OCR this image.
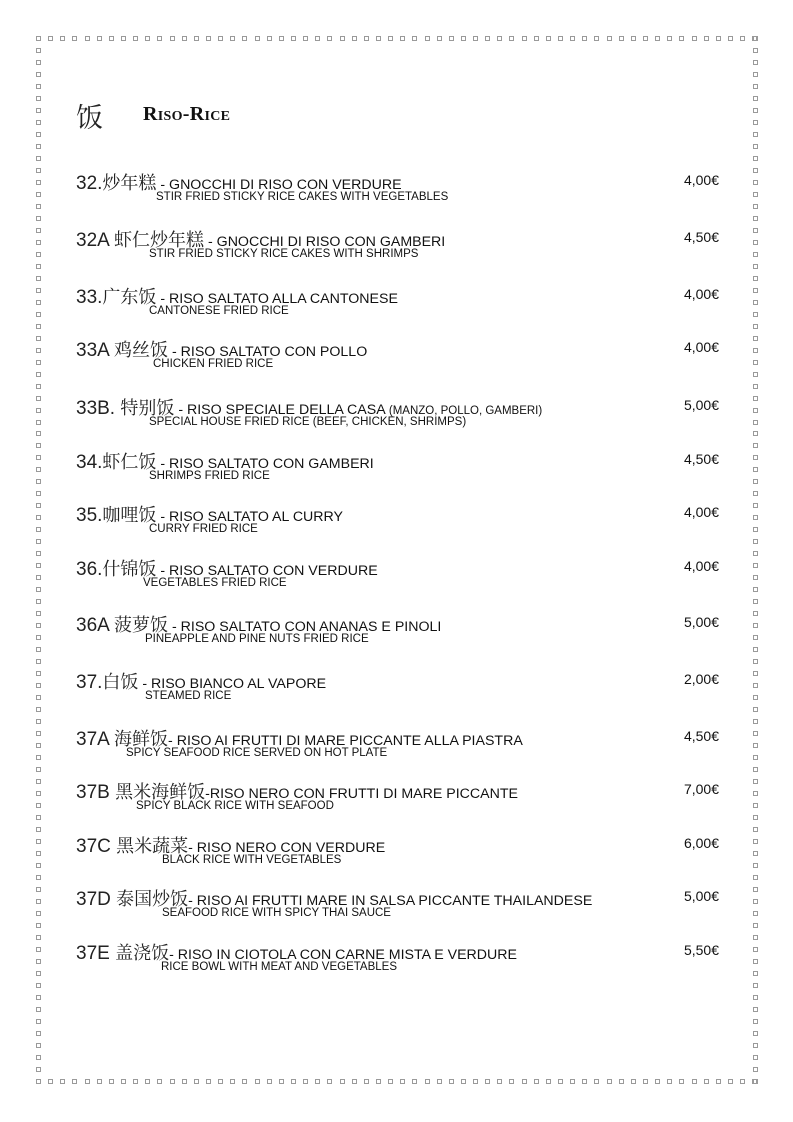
饭 Riso-Rice
32.炒年糕 - GNOCCHI DI RISO CON VERDURE	4,00€
STIR FRIED STICKY RICE CAKES WITH VEGETABLES
32A 虾仁炒年糕 - GNOCCHI DI RISO CON GAMBERI	4,50€
STIR FRIED STICKY RICE CAKES WITH SHRIMPS
33.广东饭 - RISO SALTATO ALLA CANTONESE	4,00€
CANTONESE FRIED RICE
33A 鸡丝饭 - RISO SALTATO CON POLLO	4,00€
CHICKEN FRIED RICE
33B. 特别饭 - RISO SPECIALE DELLA CASA (MANZO, POLLO, GAMBERI)	5,00€
SPECIAL HOUSE FRIED RICE (BEEF, CHICKEN, SHRIMPS)
34.虾仁饭 - RISO SALTATO CON GAMBERI	4,50€
SHRIMPS FRIED RICE
35.咖哩饭 - RISO SALTATO AL CURRY	4,00€
CURRY FRIED RICE
36.什锦饭 - RISO SALTATO CON VERDURE	4,00€
VEGETABLES FRIED RICE
36A 菠萝饭 - RISO SALTATO CON ANANAS E PINOLI	5,00€
PINEAPPLE AND PINE NUTS FRIED RICE
37.白饭 - RISO BIANCO AL VAPORE	2,00€
STEAMED RICE
37A 海鲜饭- RISO AI FRUTTI DI MARE PICCANTE ALLA PIASTRA	4,50€
SPICY SEAFOOD RICE SERVED ON HOT PLATE
37B 黑米海鲜饭-RISO NERO CON FRUTTI DI MARE PICCANTE	7,00€
SPICY BLACK RICE WITH SEAFOOD
37C 黑米蔬菜- RISO NERO CON VERDURE	6,00€
BLACK RICE WITH VEGETABLES
37D 泰国炒饭- RISO AI FRUTTI MARE IN SALSA PICCANTE THAILANDESE	5,00€
SEAFOOD RICE WITH SPICY THAI SAUCE
37E 盖浇饭- RISO IN CIOTOLA CON CARNE MISTA E VERDURE	5,50€
RICE BOWL WITH MEAT AND VEGETABLES
